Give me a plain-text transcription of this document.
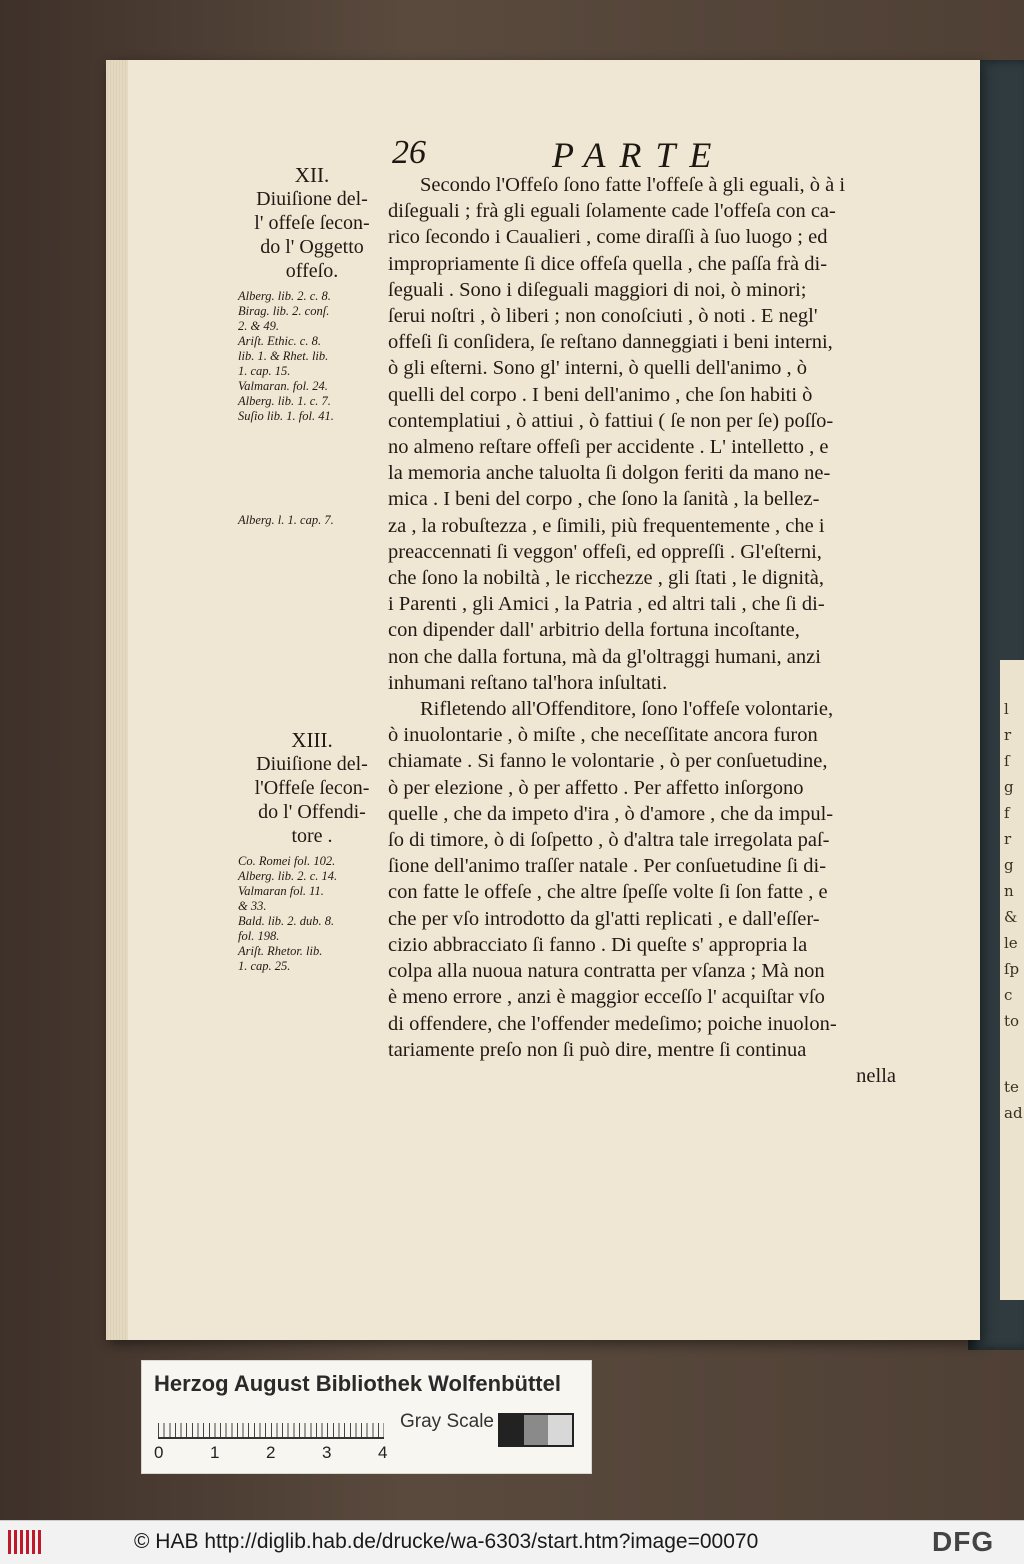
l
r
ſ
g
f
r
g
n
&
le
ſp
c
to
te
ad
26	PARTE
Secondo l'Offeſo ſono fatte l'offeſe à gli eguali, ò à i
diſeguali ; frà gli eguali ſolamente cade l'offeſa con ca-
rico ſecondo i Caualieri , come diraſſi à ſuo luogo ; ed
impropriamente ſi dice offeſa quella , che paſſa frà di-
ſeguali . Sono i diſeguali maggiori di noi, ò minori;
ſerui noſtri , ò liberi ; non conoſciuti , ò noti . E negl'
offeſi ſi conſidera, ſe reſtano danneggiati i beni interni,
ò gli eſterni. Sono gl' interni, ò quelli dell'animo , ò
quelli del corpo . I beni dell'animo , che ſon habiti ò
contemplatiui , ò attiui , ò fattiui ( ſe non per ſe) poſſo-
no almeno reſtare offeſi per accidente . L' intelletto , e
la memoria anche taluolta ſi dolgon feriti da mano ne-
mica . I beni del corpo , che ſono la ſanità , la bellez-
za , la robuſtezza , e ſimili, più frequentemente , che i
preaccennati ſi veggon' offeſi, ed oppreſſi . Gl'eſterni,
che ſono la nobiltà , le ricchezze , gli ſtati , le dignità,
i Parenti , gli Amici , la Patria , ed altri tali , che ſi di-
con dipender dall' arbitrio della fortuna incoſtante,
non che dalla fortuna, mà da gl'oltraggi humani, anzi
inhumani reſtano tal'hora inſultati.
Rifletendo all'Offenditore, ſono l'offeſe volontarie,
ò inuolontarie , ò miſte , che neceſſitate ancora furon
chiamate . Si fanno le volontarie , ò per conſuetudine,
ò per elezione , ò per affetto . Per affetto inſorgono
quelle , che da impeto d'ira , ò d'amore , che da impul-
ſo di timore, ò di ſoſpetto , ò d'altra tale irregolata paſ-
ſione dell'animo traſſer natale . Per conſuetudine ſi di-
con fatte le offeſe , che altre ſpeſſe volte ſi ſon fatte , e
che per vſo introdotto da gl'atti replicati , e dall'eſſer-
cizio abbracciato ſi fanno . Di queſte s' appropria la
colpa alla nuoua natura contratta per vſanza ; Mà non
è meno errore , anzi è maggior ecceſſo l' acquiſtar vſo
di offendere, che l'offender medeſimo; poiche inuolon-
tariamente preſo non ſi può dire, mentre ſi continua
nella
XII.
Diuiſione del-
l' offeſe ſecon-
do l' Oggetto
offeſo.
Alberg. lib. 2. c. 8.
Birag. lib. 2. conſ.
2. & 49.
Ariſt. Ethic. c. 8.
lib. 1. & Rhet. lib.
1. cap. 15.
Valmaran. fol. 24.
Alberg. lib. 1. c. 7.
Suſio lib. 1. fol. 41.
Alberg. l. 1. cap. 7.
XIII.
Diuiſione del-
l'Offeſe ſecon-
do l' Offendi-
tore .
Co. Romei fol. 102.
Alberg. lib. 2. c. 14.
Valmaran fol. 11.
& 33.
Bald. lib. 2. dub. 8.
fol. 198.
Ariſt. Rhetor. lib.
1. cap. 25.
Herzog August Bibliothek Wolfenbüttel
0	1	2	3	4
Gray Scale
© HAB http://diglib.hab.de/drucke/wa-6303/start.htm?image=00070	DFG
